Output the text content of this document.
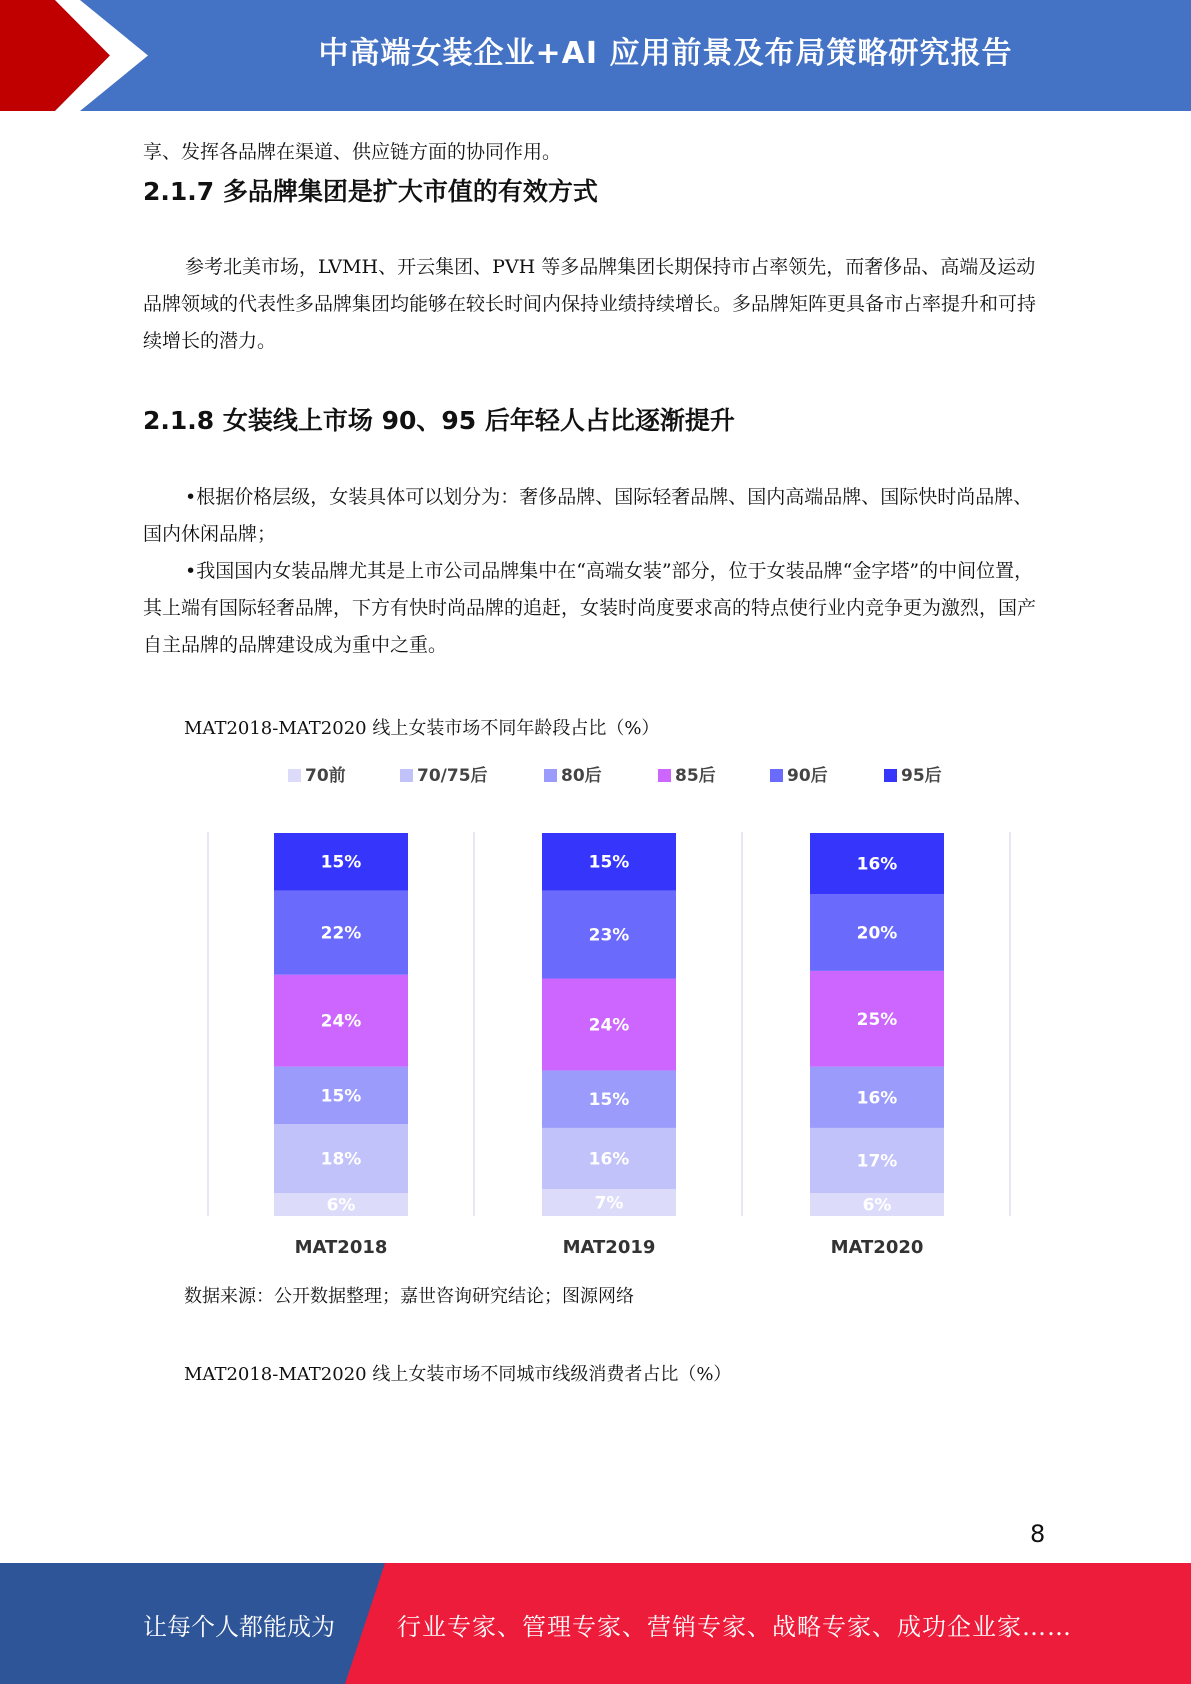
中高端女装企业+AI 应用前景及布局策略研究报告

享、发挥各品牌在渠道、供应链方面的协同作用。

2.1.7 多品牌集团是扩大市值的有效方式

参考北美市场，LVMH、开云集团、PVH 等多品牌集团长期保持市占率领先，而奢侈品、高端及运动品牌领域的代表性多品牌集团均能够在较长时间内保持业绩持续增长。多品牌矩阵更具备市占率提升和可持续增长的潜力。

2.1.8 女装线上市场 90、95 后年轻人占比逐渐提升

•根据价格层级，女装具体可以划分为：奢侈品牌、国际轻奢品牌、国内高端品牌、国际快时尚品牌、国内休闲品牌；

•我国国内女装品牌尤其是上市公司品牌集中在“高端女装”部分，位于女装品牌“金字塔”的中间位置，其上端有国际轻奢品牌，下方有快时尚品牌的追赶，女装时尚度要求高的特点使行业内竞争更为激烈，国产自主品牌的品牌建设成为重中之重。

MAT2018-MAT2020 线上女装市场不同年龄段占比（%）

70前	70/75后	80后	85后	90后	95后
6%
18%
15%
24%
22%
15%
MAT2018
7%
16%
15%
24%
23%
15%
MAT2019
6%
17%
16%
25%
20%
16%
MAT2020

数据来源：公开数据整理；嘉世咨询研究结论；图源网络

MAT2018-MAT2020 线上女装市场不同城市线级消费者占比（%）

8
让每个人都能成为	行业专家、管理专家、营销专家、战略专家、成功企业家……
